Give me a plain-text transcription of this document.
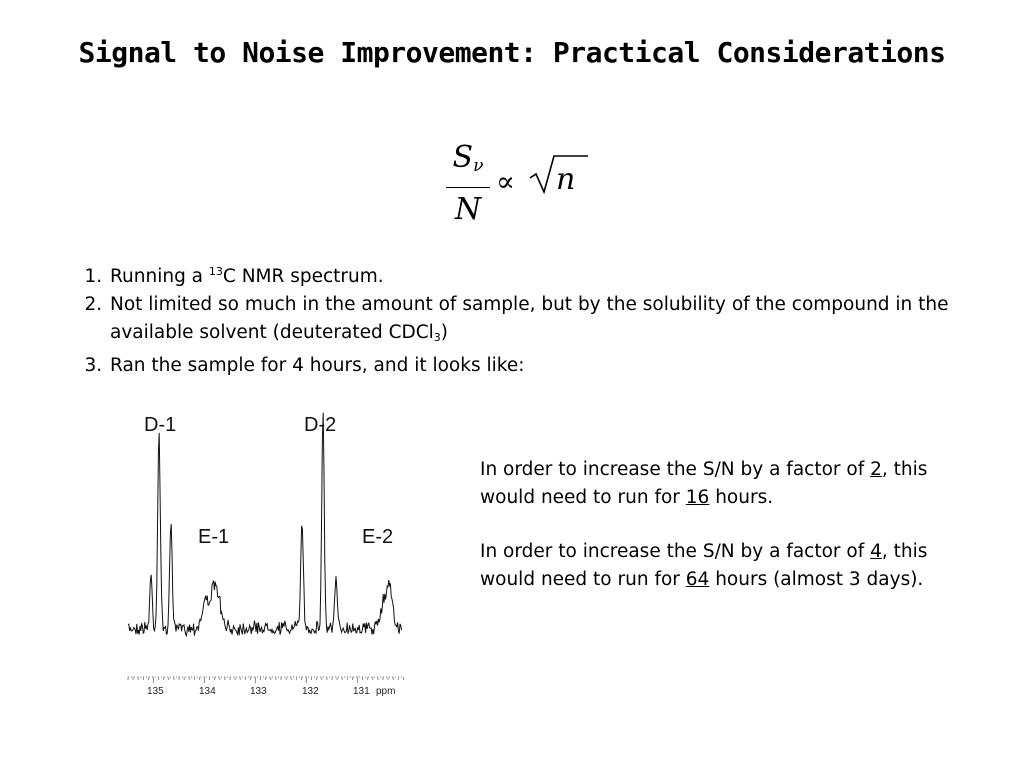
Signal to Noise Improvement: Practical Considerations
$S_\nu$
N
∝ n
1. Running a $^{13}$C NMR spectrum.
2. Not limited so much in the amount of sample, but by the solubility of the compound in the available solvent (deuterated CDCl$_3$)
3. Ran the sample for 4 hours, and it looks like:
D-1	D-2
E-1	E-2
135	134	133	132	131 ppm

In order to increase the S/N by a factor of 2, this would need to run for 16 hours.

In order to increase the S/N by a factor of 4, this would need to run for 64 hours (almost 3 days).
